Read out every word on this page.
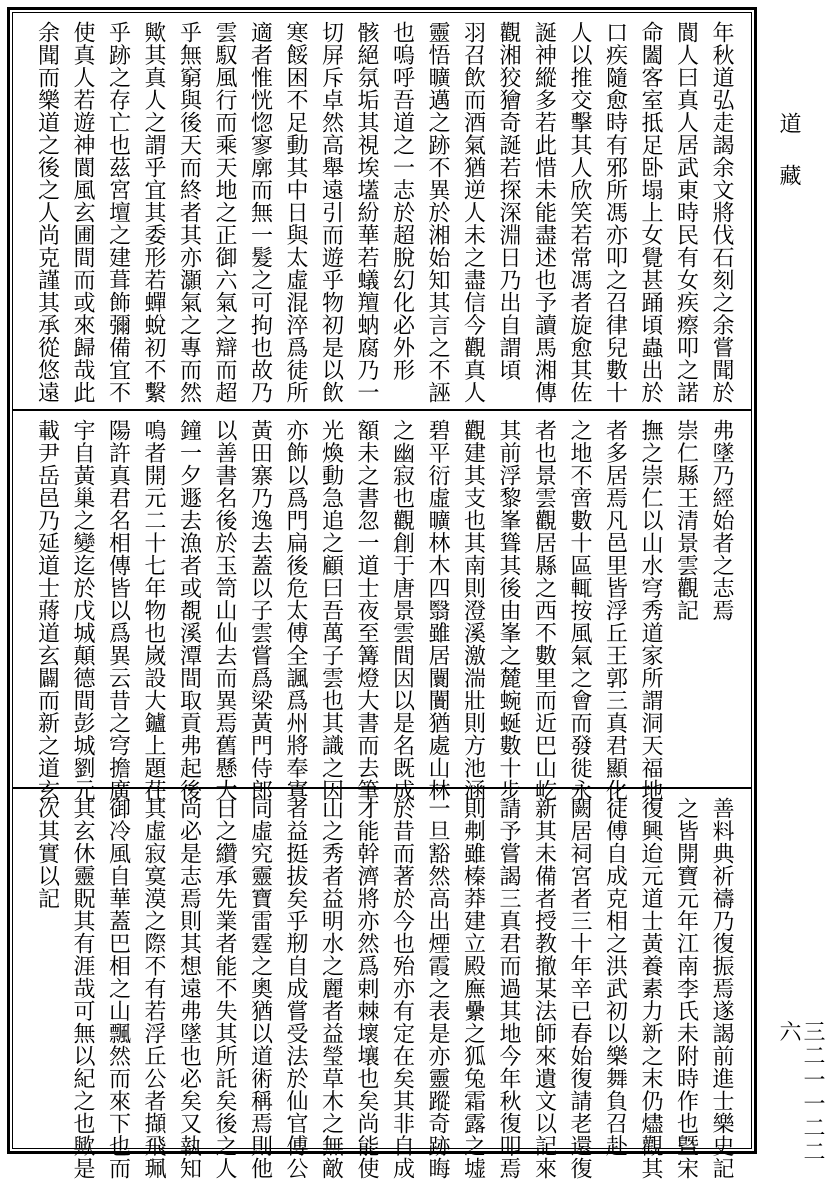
年秋道弘走謁余文將伐石刻之余嘗聞於
閬人曰真人居武東時民有女疾瘵叩之諾
命闔客室抵足卧塌上女覺甚踊頃蟲出於
口疾隨愈時有邪所馮亦叩之召律兒數十
人以推交擊其人欣笑若常馮者旋愈其佐
誕神縱多若此惜未能盡述也予讀馬湘傳
觀湘狡獪奇誕若探深淵日乃出自謂頃
羽召飲而酒氣猶逆人未之盡信今觀真人
靈悟曠邁之跡不異於湘始知其言之不誣
也嗚呼吾道之一志於超脫幻化必外形
骸絕氛垢其視埃壒紛華若蟻羶蚋腐乃一
切屏斥卓然高舉遠引而遊乎物初是以飲
寒餒困不足動其中日與太虛混淬爲徒所
適者惟恍惚寥廓而無一髮之可拘也故乃
雲馭風行而乘天地之正御六氣之辯而超
乎無窮與後天而終者其亦灝氣之專而然
歟其真人之謂乎宜其委形若蟬蛻初不繫
乎跡之存亡也茲宮壇之建葺飾彌備宜不
使真人若遊神閬風玄圃間而或來歸哉此
余聞而樂道之後之人尚克謹其承從悠遠
弗墜乃經始者之志焉
崇仁縣王清景雲觀記
撫之崇仁以山水穹秀道家所謂洞天福地
者多居焉凡邑里皆浮丘王郭三真君顯化
之地不啻數十區輒按風氣之會而發徙永
者也景雲觀居縣之西不數里而近巴山屹
其前浮黎峯聳其後由峯之麓蜿蜒數十步
觀建其支也其南則澄溪激湍壯則方池涵
碧平衍虛曠林木四翳雖居闤闠猶處山林
之幽寂也觀創于唐景雲間因以是名既成
額未之書忽一道士夜至篝燈大書而去筆
光煥動急追之顧曰吾萬子雲也其識之因
亦飾以爲門扁後危太傅全諷爲州將奉寘
黃田寨乃逸去蓋以子雲嘗爲梁黃門侍郎
以善書名後於玉笥山仙去而異焉舊懸大
鐘一夕遯去漁者或覩溪潭間取貢弗起後
鳴者開元二十七年物也嵗設大鑪上題茌
陽許真君名相傳皆以爲異云昔之穹擔廣
宇自黃巢之變迄於戊城顛德間彭城劉元
載尹岳邑乃延道士蔣道玄闢而新之道玄
善料典祈禱乃復振焉遂謁前進士樂史記
之皆開寶元年江南李氏未附時作也曁宋
復興迨元道士黃養素力新之末仍燼觀其
徒傅自成克相之洪武初以樂舞負召赴
闕居祠宮者三十年辛已春始復請老還復
新其未備者授教撤某法師來遺文以記來
請予嘗謁三真君而過其地今年秋復叩焉
則刜雖榛莽建立殿廡纍之狐兔霜露之墟
一旦豁然高出煙霞之表是亦靈蹤奇跡晦
於昔而著於今也殆亦有定在矣其非自成
才能幹濟將亦然爲剌棘壞壤也矣尚能使
山之秀者益明水之麗者益瑩草木之無敵
者益挺拔矣乎剏自成嘗受法於仙官傅公
同虛究靈寶雷霆之奧猶以道術稱焉則他
日之纘承先業者能不失其所託矣後之人
尚必是志焉則其想遠弗墜也必矣又執知
其虛寂寞漠之際不有若浮丘公者擷飛珮
御冷風自華蓋巴相之山飄然而來下也而
其玄休靈貺其有涯哉可無以紀之也歟是
次其實以記
道藏
三二一一二二六
